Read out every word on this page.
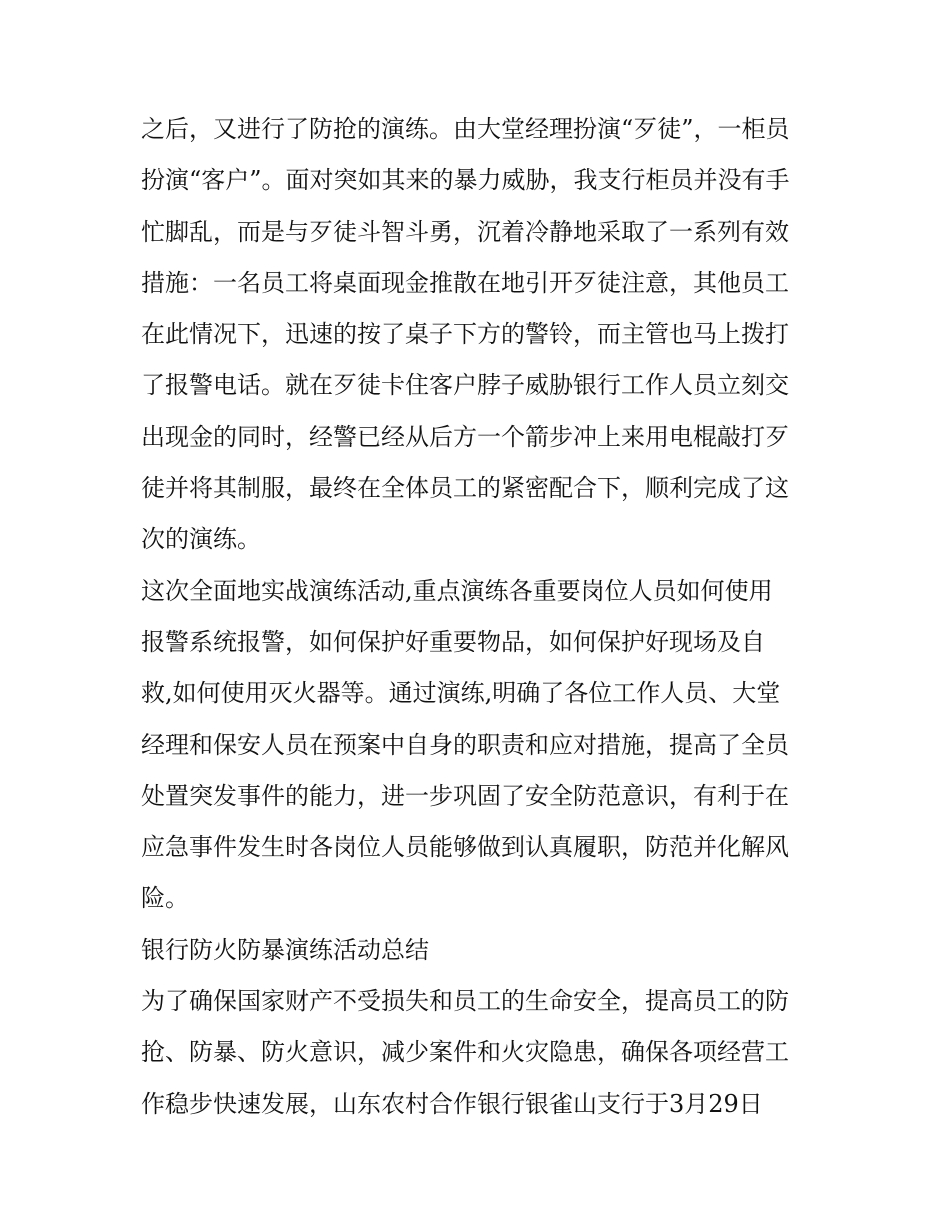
之后，又进行了防抢的演练。由大堂经理扮演“歹徒”，一柜员
扮演“客户”。面对突如其来的暴力威胁，我支行柜员并没有手
忙脚乱，而是与歹徒斗智斗勇，沉着冷静地采取了一系列有效
措施：一名员工将桌面现金推散在地引开歹徒注意，其他员工
在此情况下，迅速的按了桌子下方的警铃，而主管也马上拨打
了报警电话。就在歹徒卡住客户脖子威胁银行工作人员立刻交
出现金的同时，经警已经从后方一个箭步冲上来用电棍敲打歹
徒并将其制服，最终在全体员工的紧密配合下，顺利完成了这
次的演练。
这次全面地实战演练活动,重点演练各重要岗位人员如何使用
报警系统报警，如何保护好重要物品，如何保护好现场及自
救,如何使用灭火器等。通过演练,明确了各位工作人员、大堂
经理和保安人员在预案中自身的职责和应对措施，提高了全员
处置突发事件的能力，进一步巩固了安全防范意识，有利于在
应急事件发生时各岗位人员能够做到认真履职，防范并化解风
险。
银行防火防暴演练活动总结
为了确保国家财产不受损失和员工的生命安全，提高员工的防
抢、防暴、防火意识，减少案件和火灾隐患，确保各项经营工
作稳步快速发展，山东农村合作银行银雀山支行于3月29日
